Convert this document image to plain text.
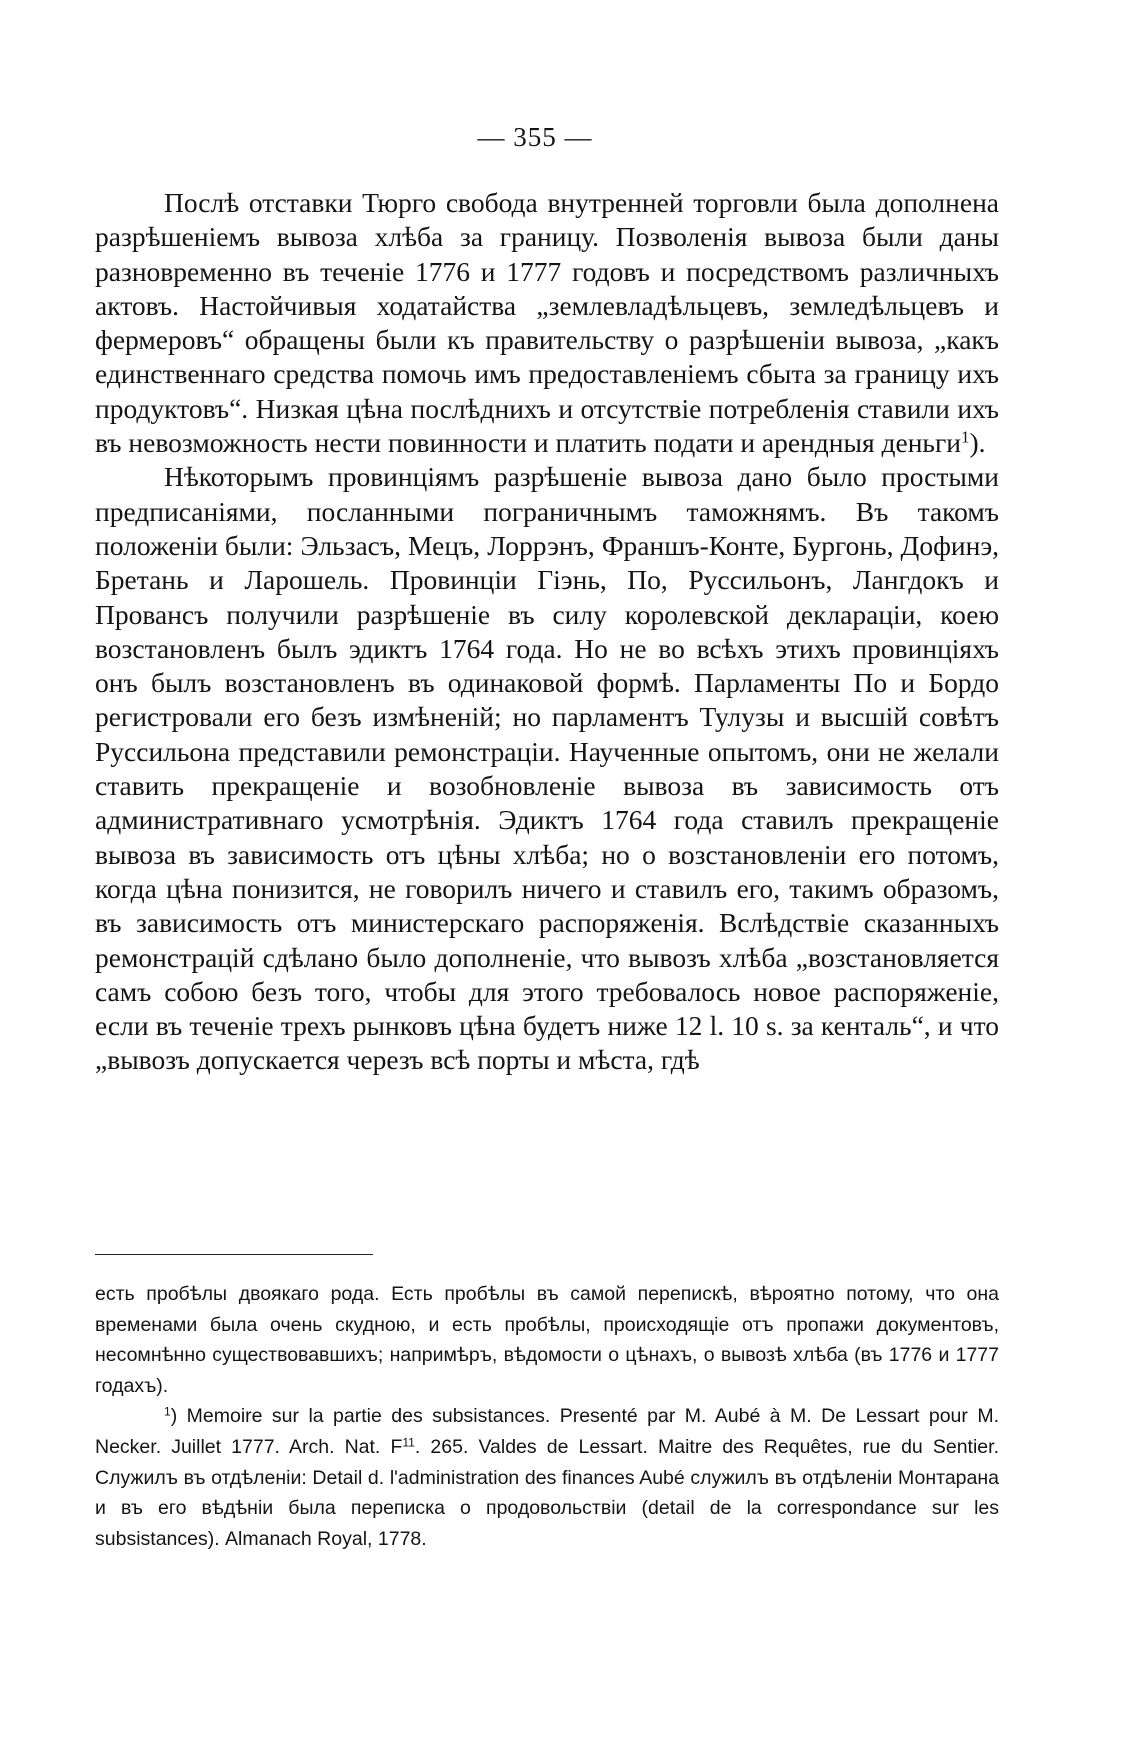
— 355 —

Послѣ отставки Тюрго свобода внутренней торговли была дополнена разрѣшеніемъ вывоза хлѣба за границу. Позволенія вывоза были даны разновременно въ теченіе 1776 и 1777 годовъ и посредствомъ различныхъ актовъ. Настойчивыя ходатайства „землевладѣльцевъ, земледѣльцевъ и фермеровъ“ обращены были къ правительству о разрѣшеніи вывоза, „какъ единственнаго средства помочь имъ предоставленіемъ сбыта за границу ихъ продуктовъ“. Низкая цѣна послѣднихъ и отсутствіе потребленія ставили ихъ въ невозможность нести повинности и платить подати и арендныя деньги$^1$).

Нѣкоторымъ провинціямъ разрѣшеніе вывоза дано было простыми предписаніями, посланными пограничнымъ таможнямъ. Въ такомъ положеніи были: Эльзасъ, Мецъ, Лоррэнъ, Франшъ-Конте, Бургонь, Дофинэ, Бретань и Ларошель. Провинціи Гіэнь, По, Руссильонъ, Лангдокъ и Провансъ получили разрѣшеніе въ силу королевской деклараціи, коею возстановленъ былъ эдиктъ 1764 года. Но не во всѣхъ этихъ провинціяхъ онъ былъ возстановленъ въ одинаковой формѣ. Парламенты По и Бордо регистровали его безъ измѣненій; но парламентъ Тулузы и высшій совѣтъ Руссильона представили ремонстраціи. Наученные опытомъ, они не желали ставить прекращеніе и возобновленіе вывоза въ зависимость отъ административнаго усмотрѣнія. Эдиктъ 1764 года ставилъ прекращеніе вывоза въ зависимость отъ цѣны хлѣба; но о возстановленіи его потомъ, когда цѣна понизится, не говорилъ ничего и ставилъ его, такимъ образомъ, въ зависимость отъ министерскаго распоряженія. Вслѣдствіе сказанныхъ ремонстрацій сдѣлано было дополненіе, что вывозъ хлѣба „возстановляется самъ собою безъ того, чтобы для этого требовалось новое распоряженіе, если въ теченіе трехъ рынковъ цѣна будетъ ниже 12 l. 10 s. за кенталь“, и что „вывозъ допускается черезъ всѣ порты и мѣста, гдѣ

есть пробѣлы двоякаго рода. Есть пробѣлы въ самой перепискѣ, вѣроятно потому, что она временами была очень скудною, и есть пробѣлы, происходящіе отъ пропажи документовъ, несомнѣнно существовавшихъ; напримѣръ, вѣдомости о цѣнахъ, о вывозѣ хлѣба (въ 1776 и 1777 годахъ).

$^1$) Memoire sur la partie des subsistances. Presenté par M. Aubé à M. De Lessart pour M. Necker. Juillet 1777. Arch. Nat. $F^{11}$. 265. Valdes de Lessart. Maitre des Requêtes, rue du Sentier. Служилъ въ отдѣленіи: Detail d. l'administration des finances Aubé служилъ въ отдѣленіи Монтарана и въ его вѣдѣніи была переписка о продовольствіи (detail de la correspondance sur les subsistances). Almanach Royal, 1778.
